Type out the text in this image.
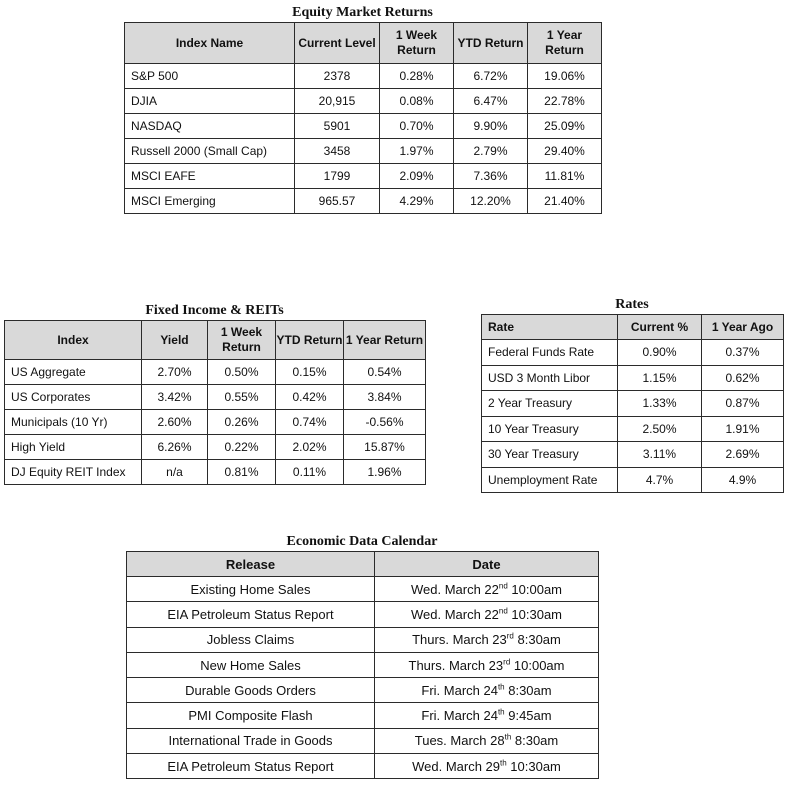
Equity Market Returns
Index Name	Current Level	1 Week Return	YTD Return	1 Year Return
S&P 500	2378	0.28%	6.72%	19.06%
DJIA	20,915	0.08%	6.47%	22.78%
NASDAQ	5901	0.70%	9.90%	25.09%
Russell 2000 (Small Cap)	3458	1.97%	2.79%	29.40%
MSCI EAFE	1799	2.09%	7.36%	11.81%
MSCI Emerging	965.57	4.29%	12.20%	21.40%
Fixed Income & REITs
Index	Yield	1 Week Return	YTD Return	1 Year Return
US Aggregate	2.70%	0.50%	0.15%	0.54%
US Corporates	3.42%	0.55%	0.42%	3.84%
Municipals (10 Yr)	2.60%	0.26%	0.74%	-0.56%
High Yield	6.26%	0.22%	2.02%	15.87%
DJ Equity REIT Index	n/a	0.81%	0.11%	1.96%
Rates
Rate	Current %	1 Year Ago
Federal Funds Rate	0.90%	0.37%
USD 3 Month Libor	1.15%	0.62%
2 Year Treasury	1.33%	0.87%
10 Year Treasury	2.50%	1.91%
30 Year Treasury	3.11%	2.69%
Unemployment Rate	4.7%	4.9%
Economic Data Calendar
Release	Date
Existing Home Sales	Wed. March 22nd 10:00am
EIA Petroleum Status Report	Wed. March 22nd 10:30am
Jobless Claims	Thurs. March 23rd 8:30am
New Home Sales	Thurs. March 23rd 10:00am
Durable Goods Orders	Fri. March 24th 8:30am
PMI Composite Flash	Fri. March 24th 9:45am
International Trade in Goods	Tues. March 28th 8:30am
EIA Petroleum Status Report	Wed. March 29th 10:30am
